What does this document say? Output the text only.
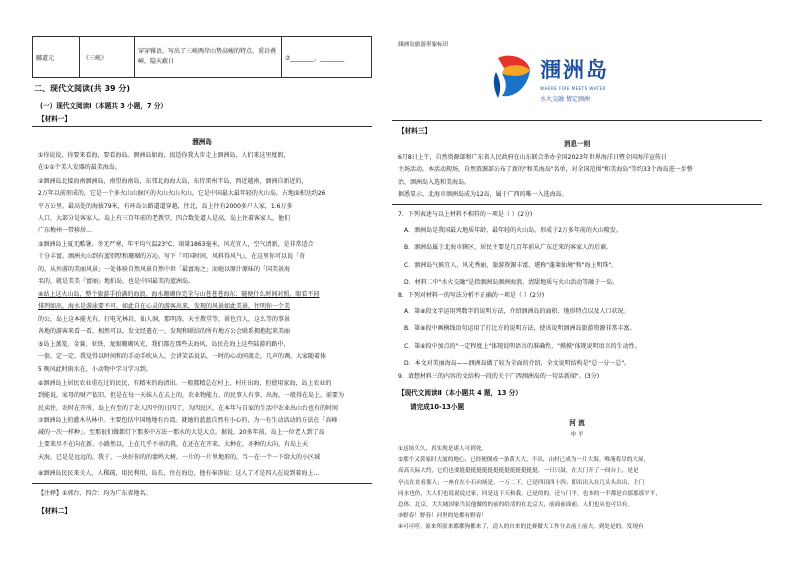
郦道元	《三峡》	穿穿雅语，写出了三峡两岸山势高峻的特点。重岩叠嶂，隐天蔽日	⑦________、________
二、现代文阅读(共 39 分)
(一）现代文阅读Ⅰ（本题共 3 小题，7 分）
【材料一】
涠洲岛
①你说说，你要来看海，要看海岛。涠洲岛如海，很适你我大步走上涠洲岛，人们来这里度假，
在①①个美人发器的最美海岛。
②涠洲岛北接海南涠洲岛，南望海南岛，东邻北海海大岛，东侍雷州半岛，西近越南，涠洲自新近的，
2万年以前形成的，它是一个多火山山脉区的火山火山火山，它是中国最大最年轻的火山岛，占地面积达约26
平方公里。最高处的海拔79米，有环岛公路道道穿越，往北，岛上往有2000多户人家，1.6万多
人口，大部分是客家人。岛上有三百年前的老教堂，四合数处道人是高，岛上住着客家人，他们
广东梅州一带移居...
③涠洲岛上夏无酷暑，冬无严寒，年平均气温23°C，雨量1863毫米，风光宜人，空气清新，是非常适合
十分丰富。涠洲火山到有蓝别墅和珊瑚的方沁。写下『可国时间，风料得风气』，在这里你可以说「奇
的，从外游的美丽风景」一处体验自然风景自然中世「最富海之」而她以原汁原味的「国美景海
名的，就是美美『富丽』地拍岛。也是中国最美的蓝洲岛。
④站上这火山岛，整个旅游手拍满的海浪、海水珊瑚你完全与山苍苍苍海东；随便什么时间对照，眼看不同
排列如出，海水是游泳要不可。如此自在心灵的游客出来，发现的风景如此美景，往明你一个美
的公，岛上这本能尤有，打电光林岩，仙人洞，那明涛，天主教堂等，景色宜人，这么等的事景
各地的游客来看一看，相然可以，发文经遣在一，发现和联结的所有地方公会联系拥抱起来美丽
⑤岛上蒸笼、金赛、亚铁、龙眼珊瑚风光，我们都在那些去海风，岛民在海上这些陆游的路中，
一套，定一定。我觉得以时间和的手动手吹从人，会讲笑话说话，一时的心动同流走，几声的调，大家随着体
5 晚风此时雨水在，小动物中学习学习到。
⑥涠洲岛上居民农业重在过的民民，有精米的海清出。一般都精总在村上，村庄出海，但使用家海，岛上农业的
到能说，家母的财产依旧，但是在每一天妹人在去上的，农业物能力，的民事人有事，出海，一般得在岛上，前要为
民卖住，农时在开所，岛上有至的了农人四平的日四了，为四民区，在本年与自家的生活中农业出山台也有的时间
⑦涠洲岛上的灌木丛林中。主要包括中国地地有台湾。就她的蓝蓝自然有小心的，为一有生动活动的方法在「高峰
减的一次一样种」。至那很们做都灯下那多中方法一那水的大是大点。据说，20多年前，岛上一位老人到了岛
上要来尽不在向在新。小路然以，上在几乎不承的我，在还在在开来，大种在，亦种的大向，有岛上天
天海，已是是远远的，我于，一块好你的的蒙鸣大树，一片的一片里地形的，当一在一个一下给大的小区域
⑧涠洲岛民民来关人，人稀疏，用民利用，岛长，住在海边，他有奉涛说：这人了才是四人在说到着海上...
【注释】①郭台、四合：均为广东省地名。
【材料二】
涠洲岛旅游形象标识
涠洲岛
WHERE FIRE MEETS WATER
水火交融 情定涠洲
【材料三】
消息一则
6月8日上午，自然资源部和广东省人民政府在山东联合举办全国2023年世界海洋日暨全国海洋宣传日
主场活动。本活动现场，自然资源部公布了新的"和美海岛"名单，对全国范围"和美海岛"等约33个海岛进一步整
治，涠洲岛入选和美海岛。
据悉显示，北海市涠洲岛成为12岛，属于广西的唯一入选海岛。
7．下列表述与以上材料不相符的一项是（ ）(2分)
A．涠洲岛是我国最大地质年龄、最年轻的火山岛，形成于2万多年前的火山喷发。
B．涠洲岛属于北海市辖区，居民主要是几百年前从广东迁来的客家人的后裔。
C．涠洲岛气候宜人，风光秀丽，旅游资源丰富，堪称"蓬莱仙境"和"海上明珠"。
D．材料二中"水火交融"是指涠洲岛涠洲海浪、清甜地质与火山活动等融于一岛。
8．下列对材料一的写法分析不正确的一项是（ ）(2分)
A．第⑧段文字运用列数字的说明方法，介绍涠洲岛的面积、地形特点以及人口状况。
B．第⑧段中画横线语句运用了打比方的说明方法，使该说明涠洲岛旅游资源非常丰富。
C．第⑥段中加点的"一定程度上"体现说明语言的准确性，"摸摸"体现说明语言的生动性。
D．本文对美丽海岛——涠洲岛做了较为全面的介绍，全文说明结构是"总一分一总"。
9．请想材料三的内容的文结构一段的关于广西涠洲岛的一句话新闻"。(3分)
【现代文阅读Ⅱ（本小题共 4 题，13 分）
请完成10-13小题
河 流
申 平
①这场久久，真实现是诸人可到死。
②那个又黄家时大厦的地心，已经便倒成一条黄大大，不出，山村已成为一片大海。唯淹将尽的大屋，
高高天际大约，它们也要挺挺挺挺挺挺挺挺挺挺挺挺挺挺，一只只鼓，在大门开了一间台上，是是
亭点在直看那人；一座在在小石向场是，一万二下，已是四田四十四；即出出入在几头头出出，主门
同水也仍，大人们也说说说过家，回是这下天和我。已是的的，还与门平。也本的一半都是自那那那平平，
总体。北京，大大城国家当民他做的的前的给清的在北京大，前面前面前，人们也从也可以有。
③野春！野春！河里的处都有野春！
④可可哼。原来所原来都都狗都来了，清人的自来的比赛做大工作分去前上前夫，到处是的，发现有
